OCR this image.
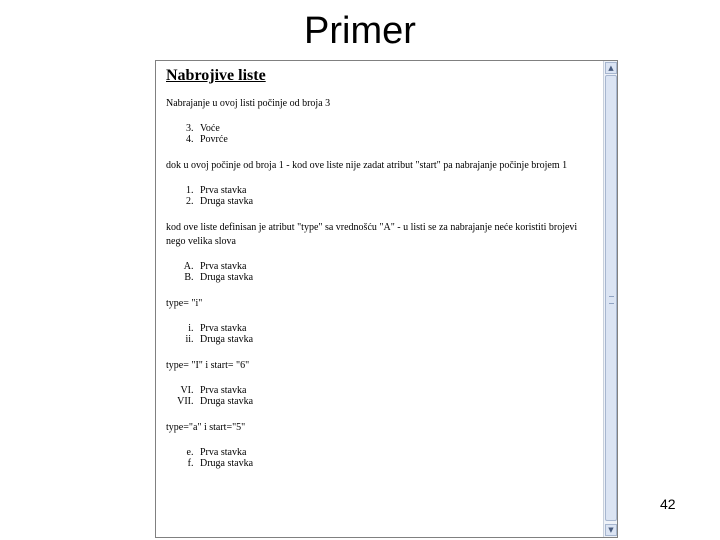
Primer
Nabrojive liste

Nabrajanje u ovoj listi počinje od broja 3

3. Voće
4. Povrće

dok u ovoj počinje od broja 1 - kod ove liste nije zadat atribut "start" pa nabrajanje počinje brojem 1

1. Prva stavka
2. Druga stavka

kod ove liste definisan je atribut "type" sa vrednošću "A" - u listi se za nabrajanje neće koristiti brojevi nego velika slova

A. Prva stavka
B. Druga stavka

type= "i"

i. Prva stavka
ii. Druga stavka

type= "I" i start= "6"

VI. Prva stavka
VII. Druga stavka

type="a" i start="5"

e. Prva stavka
f. Druga stavka
▲
▼
42
